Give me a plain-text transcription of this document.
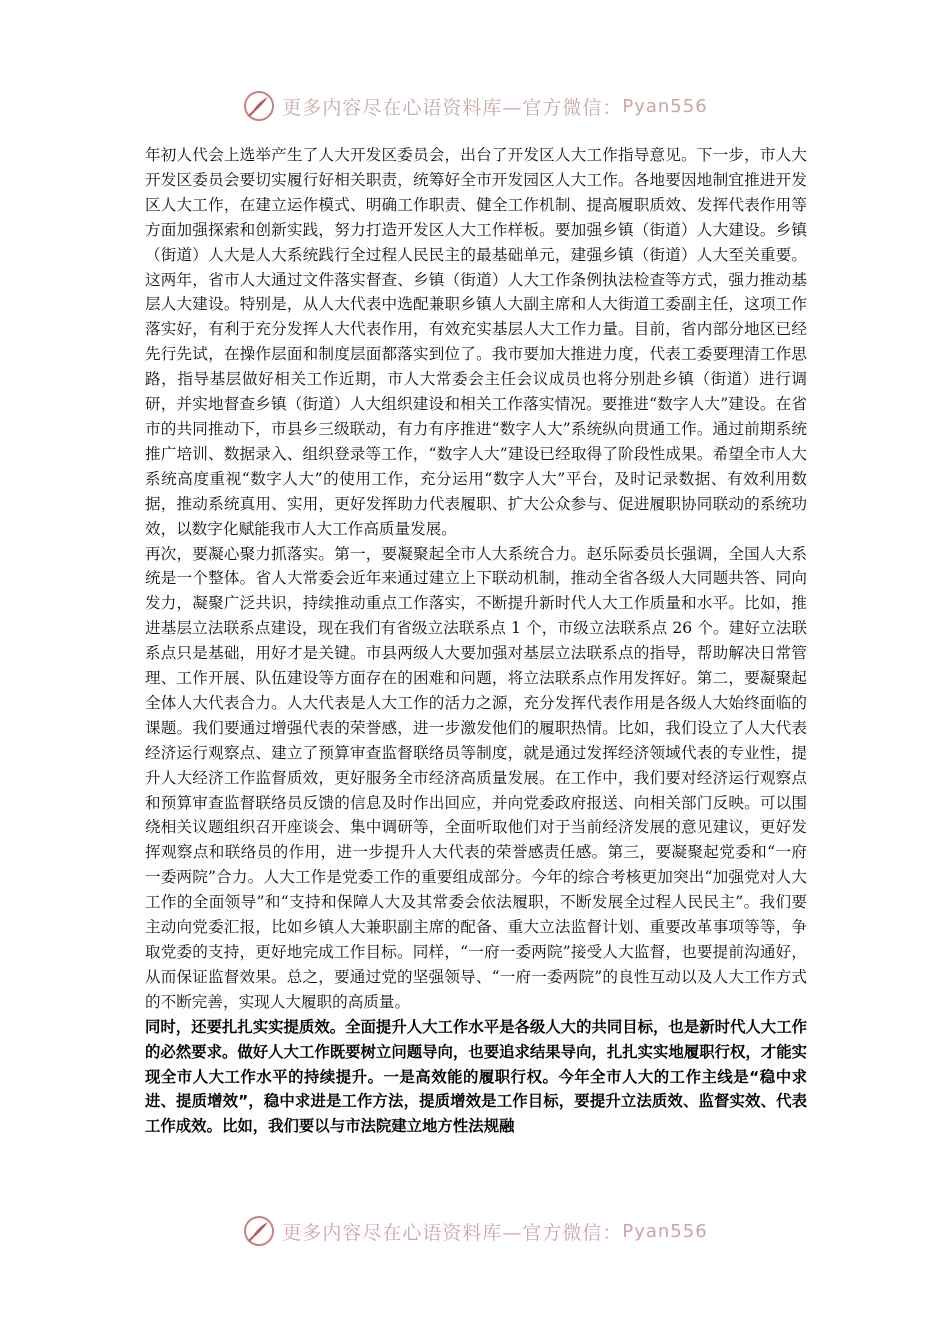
更多内容尽在心语资料库— 官方微信： Pyan556

年初人代会上选举产生了人大开发区委员会，出台了开发区人大工作指导意见。下一步，市人大开发区委员会要切实履行好相关职责，统筹好全市开发园区人大工作。各地要因地制宜推进开发区人大工作，在建立运作模式、明确工作职责、健全工作机制、提高履职质效、发挥代表作用等方面加强探索和创新实践，努力打造开发区人大工作样板。要加强乡镇（街道）人大建设。乡镇（街道）人大是人大系统践行全过程人民民主的最基础单元，建强乡镇（街道）人大至关重要。这两年，省市人大通过文件落实督查、乡镇（街道）人大工作条例执法检查等方式，强力推动基层人大建设。特别是，从人大代表中选配兼职乡镇人大副主席和人大街道工委副主任，这项工作落实好，有利于充分发挥人大代表作用，有效充实基层人大工作力量。目前，省内部分地区已经先行先试，在操作层面和制度层面都落实到位了。我市要加大推进力度，代表工委要理清工作思路，指导基层做好相关工作近期，市人大常委会主任会议成员也将分别赴乡镇（街道）进行调研，并实地督查乡镇（街道）人大组织建设和相关工作落实情况。要推进“数字人大”建设。在省市的共同推动下，市县乡三级联动，有力有序推进“数字人大”系统纵向贯通工作。通过前期系统推广培训、数据录入、组织登录等工作，“数字人大”建设已经取得了阶段性成果。希望全市人大系统高度重视“数字人大”的使用工作，充分运用“数字人大”平台，及时记录数据、有效利用数据，推动系统真用、实用，更好发挥助力代表履职、扩大公众参与、促进履职协同联动的系统功效，以数字化赋能我市人大工作高质量发展。

再次，要凝心聚力抓落实。第一，要凝聚起全市人大系统合力。赵乐际委员长强调，全国人大系统是一个整体。省人大常委会近年来通过建立上下联动机制，推动全省各级人大同题共答、同向发力，凝聚广泛共识，持续推动重点工作落实，不断提升新时代人大工作质量和水平。比如，推进基层立法联系点建设，现在我们有省级立法联系点 1 个，市级立法联系点 26 个。建好立法联系点只是基础，用好才是关键。市县两级人大要加强对基层立法联系点的指导，帮助解决日常管理、工作开展、队伍建设等方面存在的困难和问题，将立法联系点作用发挥好。第二，要凝聚起全体人大代表合力。人大代表是人大工作的活力之源，充分发挥代表作用是各级人大始终面临的课题。我们要通过增强代表的荣誉感，进一步激发他们的履职热情。比如，我们设立了人大代表经济运行观察点、建立了预算审查监督联络员等制度，就是通过发挥经济领域代表的专业性，提升人大经济工作监督质效，更好服务全市经济高质量发展。在工作中，我们要对经济运行观察点和预算审查监督联络员反馈的信息及时作出回应，并向党委政府报送、向相关部门反映。可以围绕相关议题组织召开座谈会、集中调研等，全面听取他们对于当前经济发展的意见建议，更好发挥观察点和联络员的作用，进一步提升人大代表的荣誉感责任感。第三，要凝聚起党委和“一府一委两院”合力。人大工作是党委工作的重要组成部分。今年的综合考核更加突出“加强党对人大工作的全面领导”和“支持和保障人大及其常委会依法履职，不断发展全过程人民民主”。我们要主动向党委汇报，比如乡镇人大兼职副主席的配备、重大立法监督计划、重要改革事项等等，争取党委的支持，更好地完成工作目标。同样，“一府一委两院”接受人大监督，也要提前沟通好，从而保证监督效果。总之，要通过党的坚强领导、“一府一委两院”的良性互动以及人大工作方式的不断完善，实现人大履职的高质量。

同时，还要扎扎实实提质效。全面提升人大工作水平是各级人大的共同目标，也是新时代人大工作的必然要求。做好人大工作既要树立问题导向，也要追求结果导向，扎扎实实地履职行权，才能实现全市人大工作水平的持续提升。一是高效能的履职行权。今年全市人大的工作主线是“稳中求进、提质增效”，稳中求进是工作方法，提质增效是工作目标，要提升立法质效、监督实效、代表工作成效。比如，我们要以与市法院建立地方性法规融

更多内容尽在心语资料库— 官方微信： Pyan556
